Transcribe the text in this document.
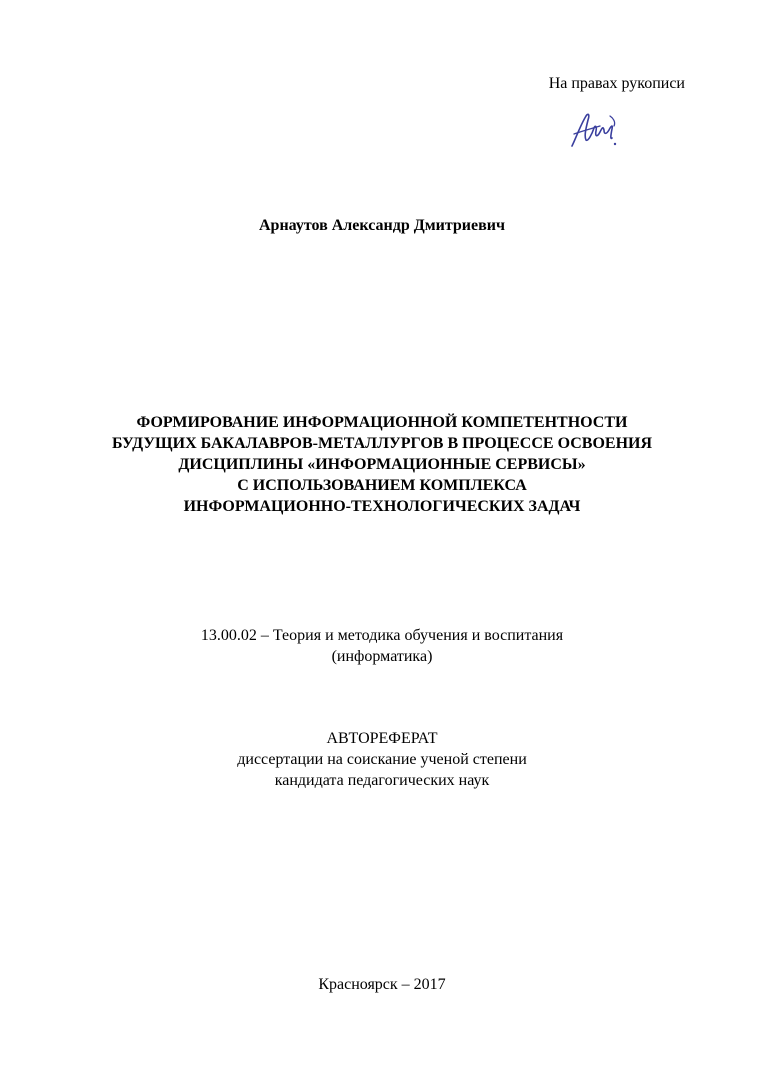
На правах рукописи
Арнаутов Александр Дмитриевич
ФОРМИРОВАНИЕ ИНФОРМАЦИОННОЙ КОМПЕТЕНТНОСТИ
БУДУЩИХ БАКАЛАВРОВ-МЕТАЛЛУРГОВ В ПРОЦЕССЕ ОСВОЕНИЯ
ДИСЦИПЛИНЫ «ИНФОРМАЦИОННЫЕ СЕРВИСЫ»
С ИСПОЛЬЗОВАНИЕМ КОМПЛЕКСА
ИНФОРМАЦИОННО-ТЕХНОЛОГИЧЕСКИХ ЗАДАЧ
13.00.02 – Теория и методика обучения и воспитания
(информатика)
АВТОРЕФЕРАТ
диссертации на соискание ученой степени
кандидата педагогических наук
Красноярск – 2017
